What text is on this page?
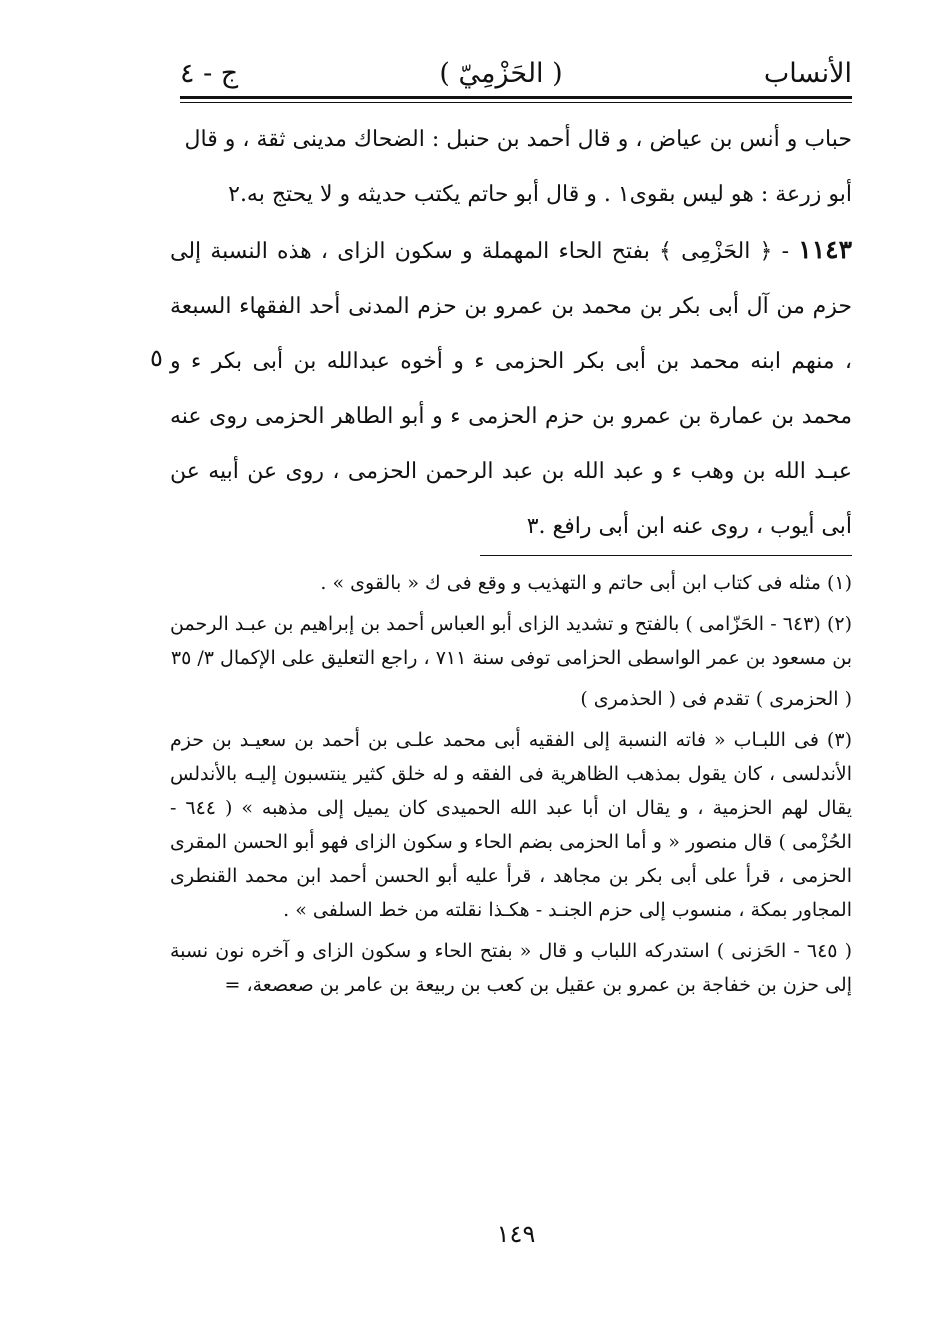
الأنساب
( الحَزْمِيّ )
ج - ٤

حباب و أنس بن عياض ، و قال أحمد بن حنبل : الضحاك مدينى ثقة ، و قال

أبو زرعة : هو ليس بقوى١ . و قال أبو حاتم يكتب حديثه و لا يحتج به.٢

١١٤٣ - ﴿ الحَزْمِى ﴾ بفتح الحاء المهملة و سكون الزاى ، هذه النسبة إلى حزم من آل أبى بكر بن محمد بن عمرو بن حزم المدنى أحد الفقهاء السبعة ، منهم ابنه محمد بن أبى بكر الحزمى ء و أخوه عبدالله بن أبى بكر ء و محمد بن عمارة بن عمرو بن حزم الحزمى ء و أبو الطاهر الحزمى روى عنه عبـد الله بن وهب ء و عبد الله بن عبد الرحمن الحزمى ، روى عن أبيه عن أبى أيوب ، روى عنه ابن أبى رافع .٣

٥

(١) مثله فى كتاب ابن أبى حاتم و التهذيب و وقع فى ك « بالقوى » .

(٢) (٦٤٣ - الحَزّامى ) بالفتح و تشديد الزاى أبو العباس أحمد بن إبراهيم بن عبـد الرحمن بن مسعود بن عمر الواسطى الحزامى توفى سنة ٧١١ ، راجع التعليق على الإكمال ٣/ ٣٥

( الحزمرى ) تقدم فى ( الحذمرى )

(٣) فى اللبـاب « فاته النسبة إلى الفقيه أبى محمد علـى بن أحمد بن سعيـد بن حزم الأندلسى ، كان يقول بمذهب الظاهرية فى الفقه و له خلق كثير ينتسبون إليـه بالأندلس يقال لهم الحزمية ، و يقال ان أبا عبد الله الحميدى كان يميل إلى مذهبه » ( ٦٤٤ - الحُزْمى ) قال منصور « و أما الحزمى بضم الحاء و سكون الزاى فهو أبو الحسن المقرى الحزمى ، قرأ على أبى بكر بن مجاهد ، قرأ عليه أبو الحسن أحمد ابن محمد القنطرى المجاور بمكة ، منسوب إلى حزم الجنـد - هكـذا نقلته من خط السلفى » .

( ٦٤٥ - الحَزنى ) استدركه اللباب و قال « بفتح الحاء و سكون الزاى و آخره نون نسبة إلى حزن بن خفاجة بن عمرو بن عقيل بن كعب بن ربيعة بن عامر بن صعصعة، =

١٤٩
